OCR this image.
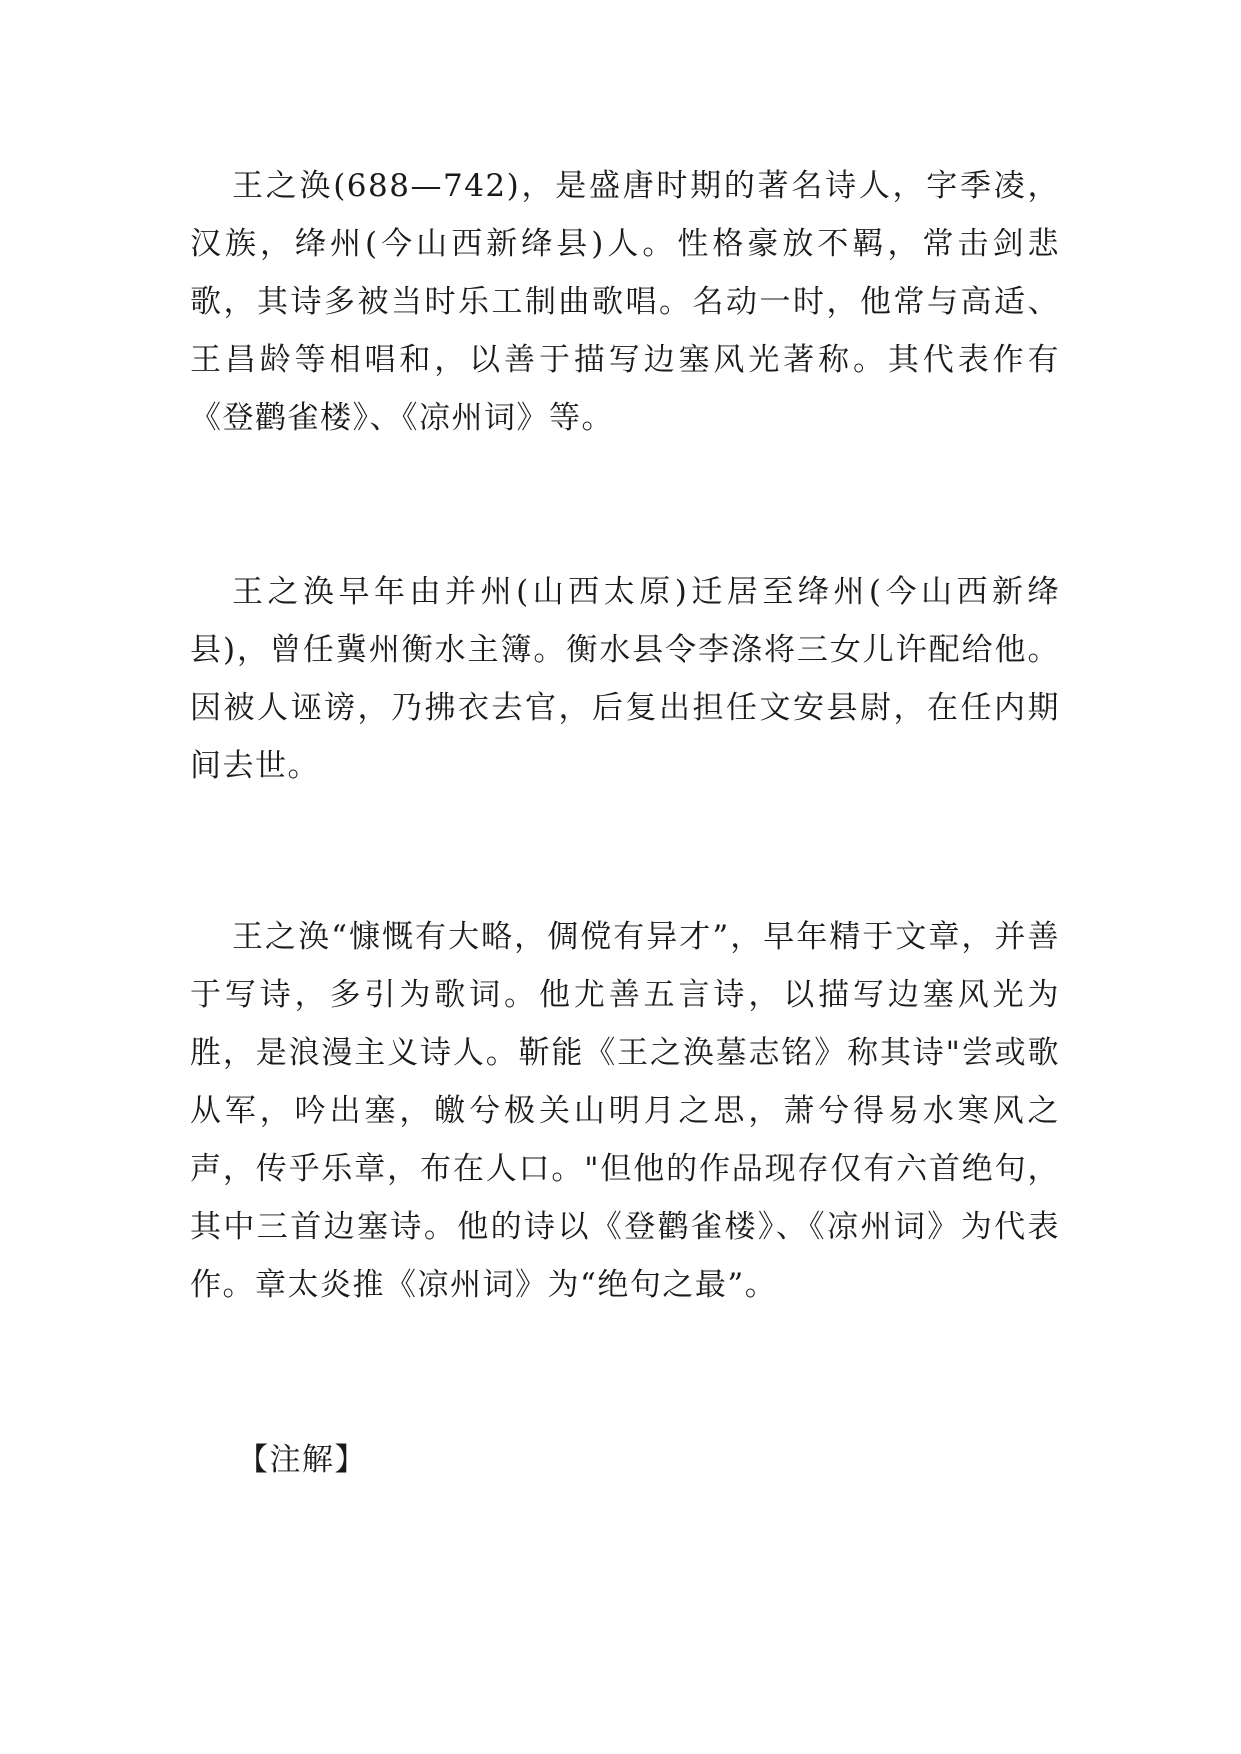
王之涣(688—742)，是盛唐时期的著名诗人，字季凌，汉族，绛州(今山西新绛县)人。性格豪放不羁，常击剑悲歌，其诗多被当时乐工制曲歌唱。名动一时，他常与高适、王昌龄等相唱和，以善于描写边塞风光著称。其代表作有《登鹳雀楼》、《凉州词》等。

王之涣早年由并州(山西太原)迁居至绛州(今山西新绛县)，曾任冀州衡水主簿。衡水县令李涤将三女儿许配给他。因被人诬谤，乃拂衣去官，后复出担任文安县尉，在任内期间去世。

王之涣“慷慨有大略，倜傥有异才”，早年精于文章，并善于写诗，多引为歌词。他尤善五言诗，以描写边塞风光为胜，是浪漫主义诗人。靳能《王之涣墓志铭》称其诗"尝或歌从军，吟出塞，皦兮极关山明月之思，萧兮得易水寒风之声，传乎乐章，布在人口。"但他的作品现存仅有六首绝句，其中三首边塞诗。他的诗以《登鹳雀楼》、《凉州词》为代表作。章太炎推《凉州词》为“绝句之最”。

【注解】
